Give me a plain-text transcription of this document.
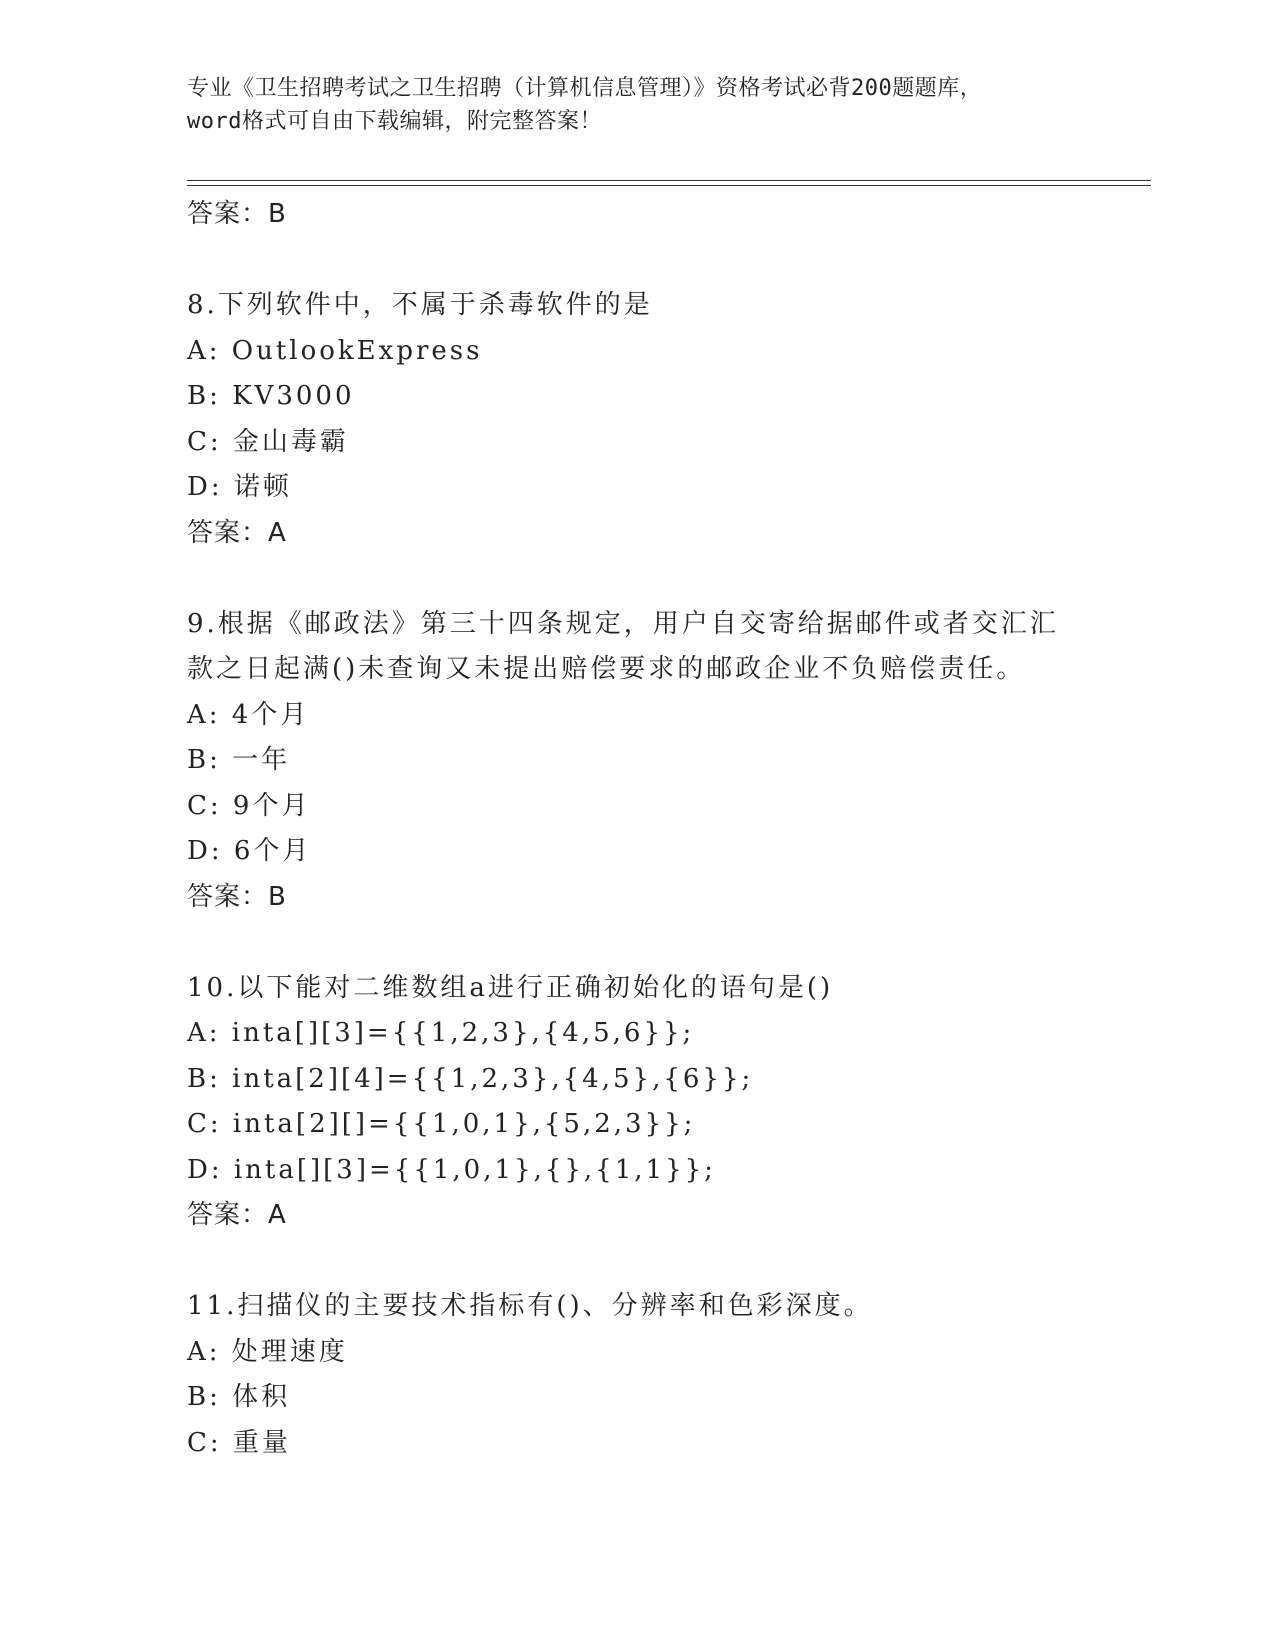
专业《卫生招聘考试之卫生招聘（计算机信息管理）》资格考试必背200题题库，
word格式可自由下载编辑，附完整答案！
答案：B
8.下列软件中，不属于杀毒软件的是
A: OutlookExpress
B: KV3000
C: 金山毒霸
D: 诺顿
答案：A
9.根据《邮政法》第三十四条规定，用户自交寄给据邮件或者交汇汇
款之日起满()未查询又未提出赔偿要求的邮政企业不负赔偿责任。
A: 4个月
B: 一年
C: 9个月
D: 6个月
答案：B
10.以下能对二维数组a进行正确初始化的语句是()
A: inta[][3]={{1,2,3},{4,5,6}};
B: inta[2][4]={{1,2,3},{4,5},{6}};
C: inta[2][]={{1,0,1},{5,2,3}};
D: inta[][3]={{1,0,1},{},{1,1}};
答案：A
11.扫描仪的主要技术指标有()、分辨率和色彩深度。
A: 处理速度
B: 体积
C: 重量
